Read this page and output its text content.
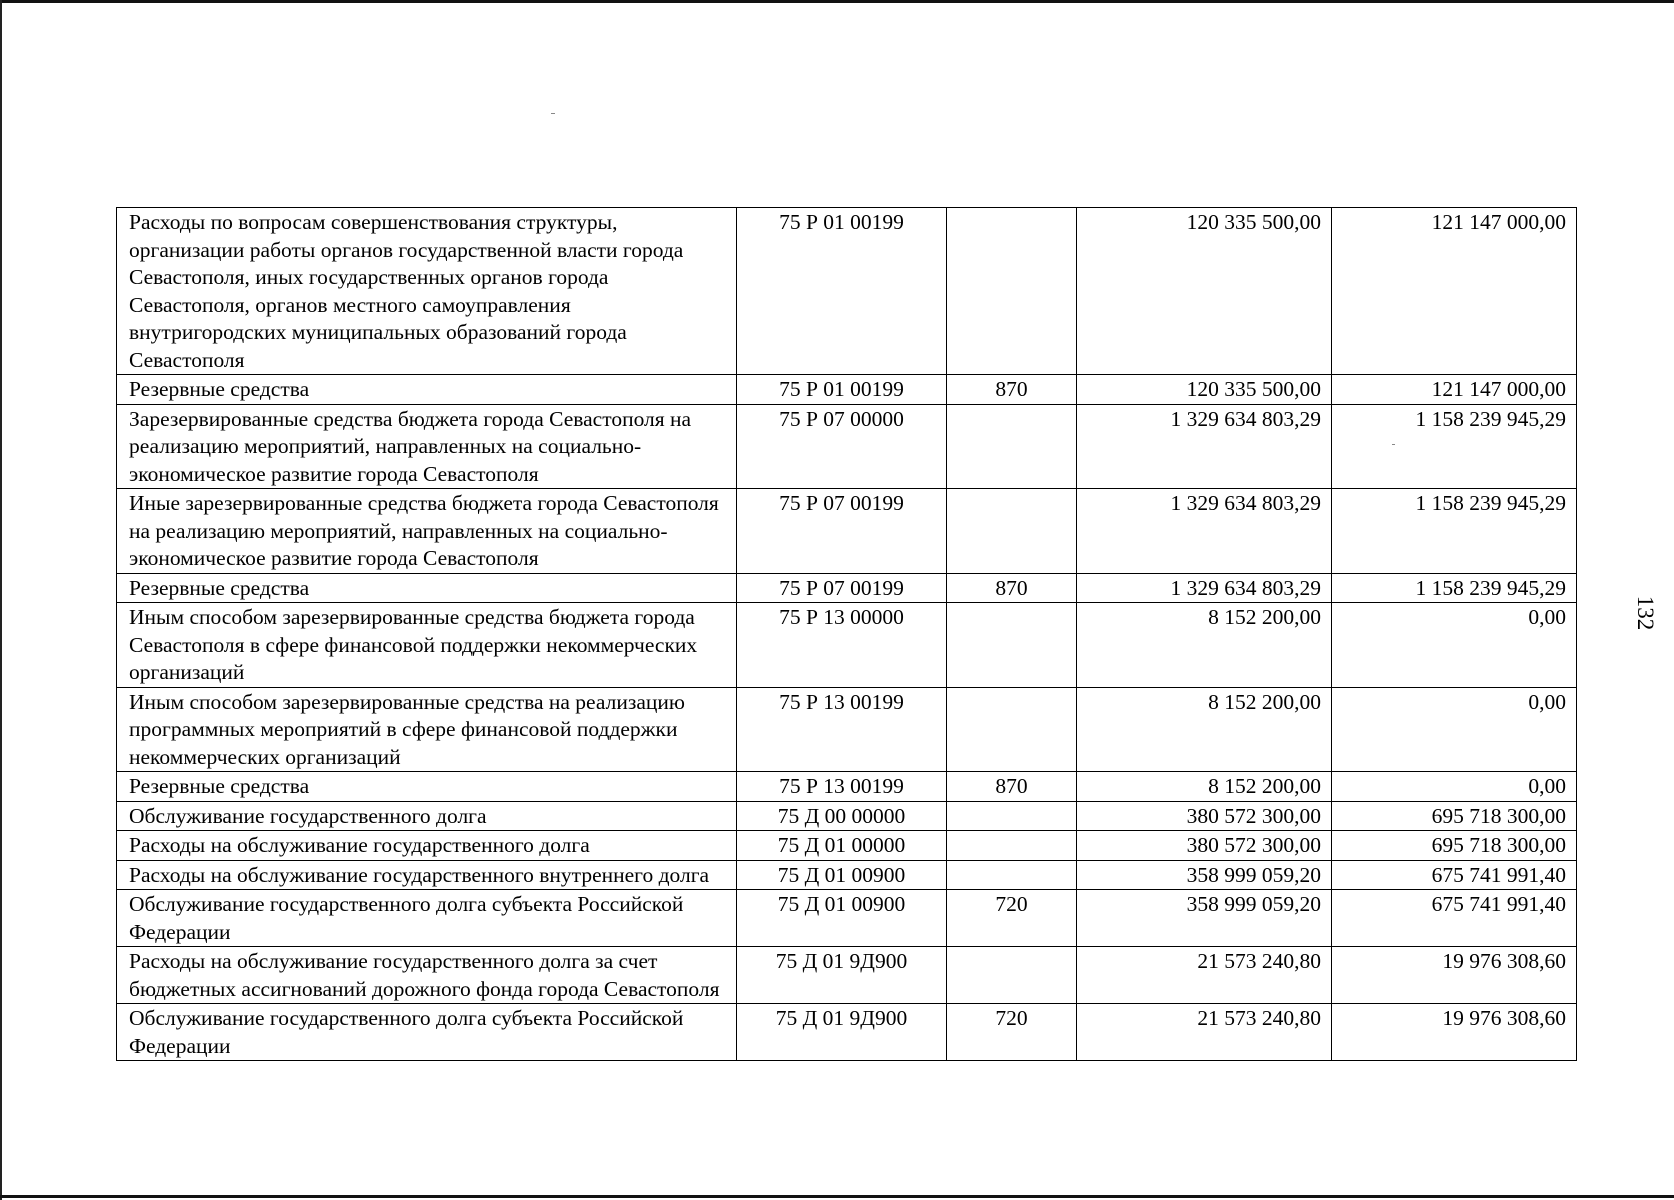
132
Расходы по вопросам совершенствования структуры, организации работы органов государственной власти города Севастополя, иных государственных органов города Севастополя, органов местного самоуправления внутригородских муниципальных образований города Севастополя	75 Р 01 00199		120 335 500,00	121 147 000,00
Резервные средства	75 Р 01 00199	870	120 335 500,00	121 147 000,00
Зарезервированные средства бюджета города Севастополя на реализацию мероприятий, направленных на социально-экономическое развитие города Севастополя	75 Р 07 00000		1 329 634 803,29	1 158 239 945,29
Иные зарезервированные средства бюджета города Севастополя на реализацию мероприятий, направленных на социально-экономическое развитие города Севастополя	75 Р 07 00199		1 329 634 803,29	1 158 239 945,29
Резервные средства	75 Р 07 00199	870	1 329 634 803,29	1 158 239 945,29
Иным способом зарезервированные средства бюджета города Севастополя в сфере финансовой поддержки некоммерческих организаций	75 Р 13 00000		8 152 200,00	0,00
Иным способом зарезервированные средства на реализацию программных мероприятий в сфере финансовой поддержки некоммерческих организаций	75 Р 13 00199		8 152 200,00	0,00
Резервные средства	75 Р 13 00199	870	8 152 200,00	0,00
Обслуживание государственного долга	75 Д 00 00000		380 572 300,00	695 718 300,00
Расходы на обслуживание государственного долга	75 Д 01 00000		380 572 300,00	695 718 300,00
Расходы на обслуживание государственного внутреннего долга	75 Д 01 00900		358 999 059,20	675 741 991,40
Обслуживание государственного долга субъекта Российской Федерации	75 Д 01 00900	720	358 999 059,20	675 741 991,40
Расходы на обслуживание государственного долга за счет бюджетных ассигнований дорожного фонда города Севастополя	75 Д 01 9Д900		21 573 240,80	19 976 308,60
Обслуживание государственного долга субъекта Российской Федерации	75 Д 01 9Д900	720	21 573 240,80	19 976 308,60
